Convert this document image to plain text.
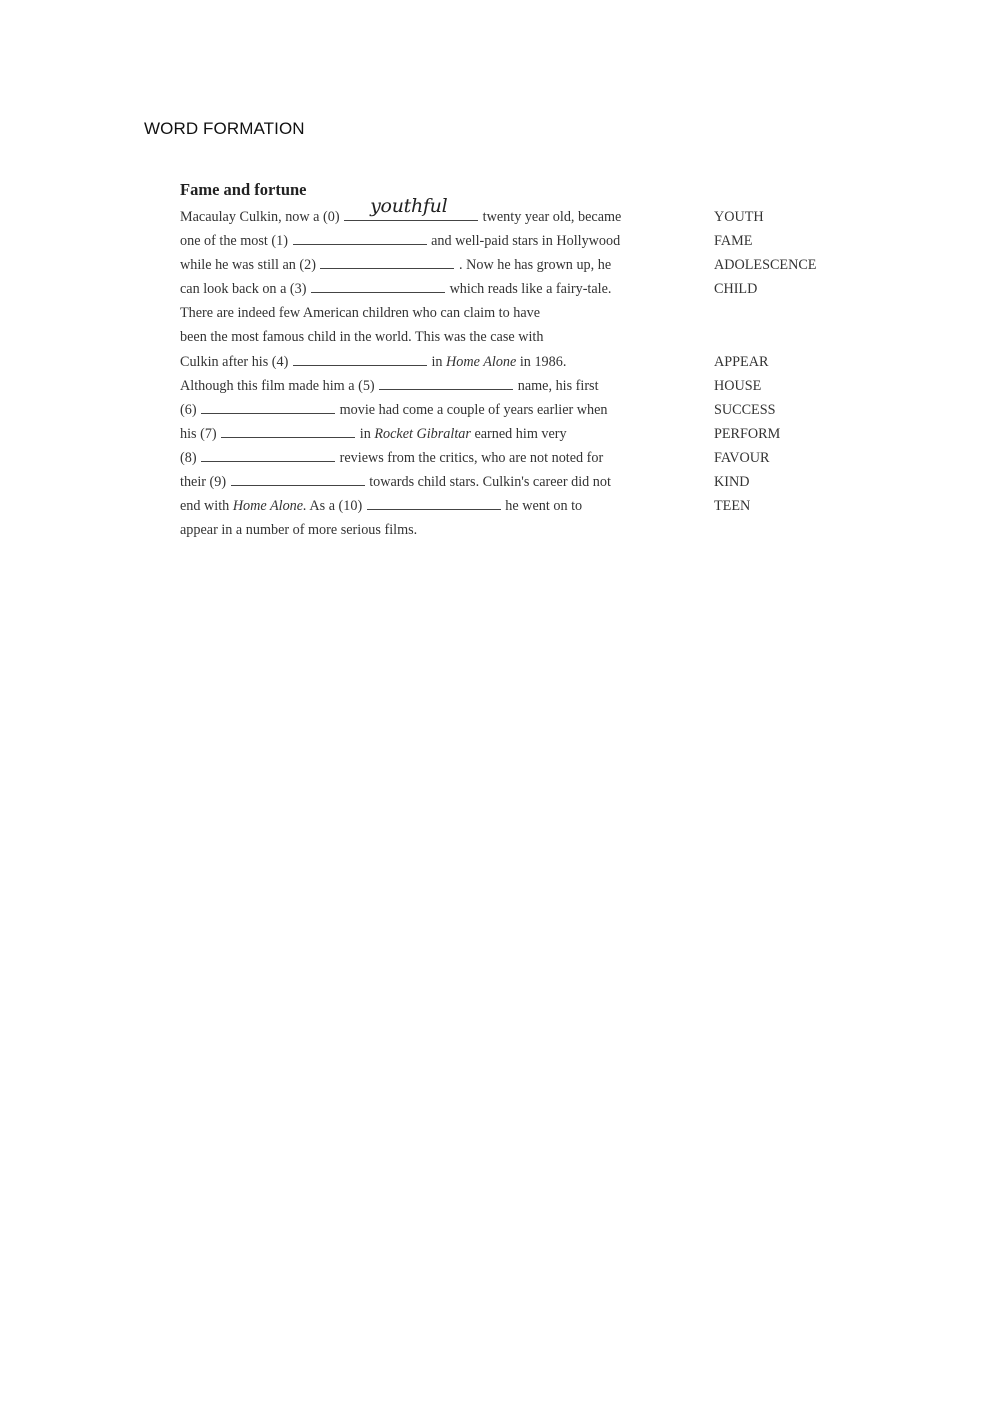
WORD FORMATION
Fame and fortune
Macaulay Culkin, now a (0) youthful twenty year old, became	YOUTH
one of the most (1)	and well-paid stars in Hollywood	FAME
while he was still an (2)	. Now he has grown up, he	ADOLESCENCE
can look back on a (3)	which reads like a fairy-tale.	CHILD
There are indeed few American children who can claim to have
been the most famous child in the world. This was the case with
Culkin after his (4)	in Home Alone in 1986.	APPEAR
Although this film made him a (5)	name, his first	HOUSE
(6)	movie had come a couple of years earlier when	SUCCESS
his (7)	in Rocket Gibraltar earned him very	PERFORM
(8)	reviews from the critics, who are not noted for	FAVOUR
their (9)	towards child stars. Culkin's career did not	KIND
end with Home Alone. As a (10)	he went on to	TEEN
appear in a number of more serious films.
